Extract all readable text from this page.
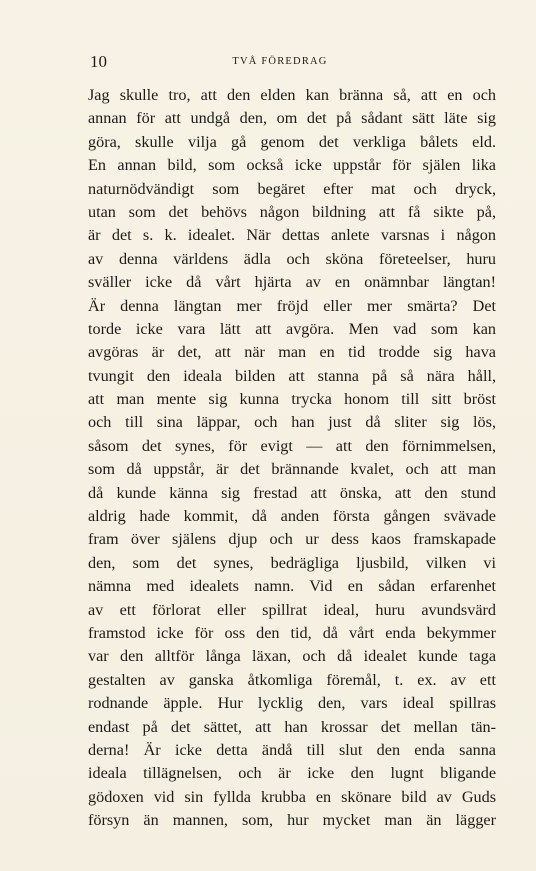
10	TVÅ FÖREDRAG
Jag skulle tro, att den elden kan bränna så, att en och
annan för att undgå den, om det på sådant sätt läte sig
göra, skulle vilja gå genom det verkliga bålets eld.
En annan bild, som också icke uppstår för själen lika
naturnödvändigt som begäret efter mat och dryck,
utan som det behövs någon bildning att få sikte på,
är det s. k. idealet. När dettas anlete varsnas i någon
av denna världens ädla och sköna företeelser, huru
sväller icke då vårt hjärta av en onämnbar längtan!
Är denna längtan mer fröjd eller mer smärta? Det
torde icke vara lätt att avgöra. Men vad som kan
avgöras är det, att när man en tid trodde sig hava
tvungit den ideala bilden att stanna på så nära håll,
att man mente sig kunna trycka honom till sitt bröst
och till sina läppar, och han just då sliter sig lös,
såsom det synes, för evigt — att den förnimmelsen,
som då uppstår, är det brännande kvalet, och att man
då kunde känna sig frestad att önska, att den stund
aldrig hade kommit, då anden första gången svävade
fram över själens djup och ur dess kaos framskapade
den, som det synes, bedrägliga ljusbild, vilken vi
nämna med idealets namn. Vid en sådan erfarenhet
av ett förlorat eller spillrat ideal, huru avundsvärd
framstod icke för oss den tid, då vårt enda bekymmer
var den alltför långa läxan, och då idealet kunde taga
gestalten av ganska åtkomliga föremål, t. ex. av ett
rodnande äpple. Hur lycklig den, vars ideal spillras
endast på det sättet, att han krossar det mellan tän-
derna! Är icke detta ändå till slut den enda sanna
ideala tillägnelsen, och är icke den lugnt bligande
gödoxen vid sin fyllda krubba en skönare bild av Guds
försyn än mannen, som, hur mycket man än lägger
